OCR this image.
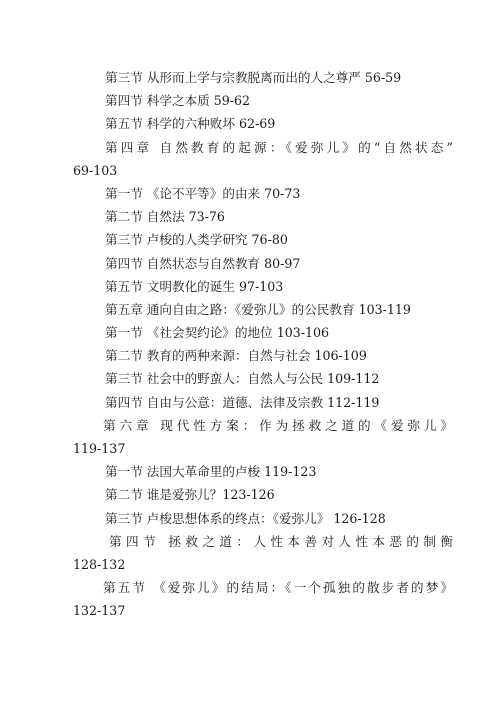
第三节 从形而上学与宗教脱离而出的人之尊严 56-59
第四节 科学之本质 59-62
第五节 科学的六种败坏 62-69
第四章 自然教育的起源：《爱弥儿》的“自然状态”
69-103
第一节 《论不平等》的由来 70-73
第二节 自然法 73-76
第三节 卢梭的人类学研究 76-80
第四节 自然状态与自然教育 80-97
第五节 文明教化的诞生 97-103
第五章 通向自由之路：《爱弥儿》的公民教育 103-119
第一节 《社会契约论》的地位 103-106
第二节 教育的两种来源：自然与社会 106-109
第三节 社会中的野蛮人：自然人与公民 109-112
第四节 自由与公意：道德、法律及宗教 112-119
第六章 现代性方案：作为拯救之道的《爱弥儿》
119-137
第一节 法国大革命里的卢梭 119-123
第二节 谁是爱弥儿？123-126
第三节 卢梭思想体系的终点：《爱弥儿》 126-128
第四节 拯救之道：人性本善对人性本恶的制衡
128-132
第五节 《爱弥儿》的结局：《一个孤独的散步者的梦》
132-137
